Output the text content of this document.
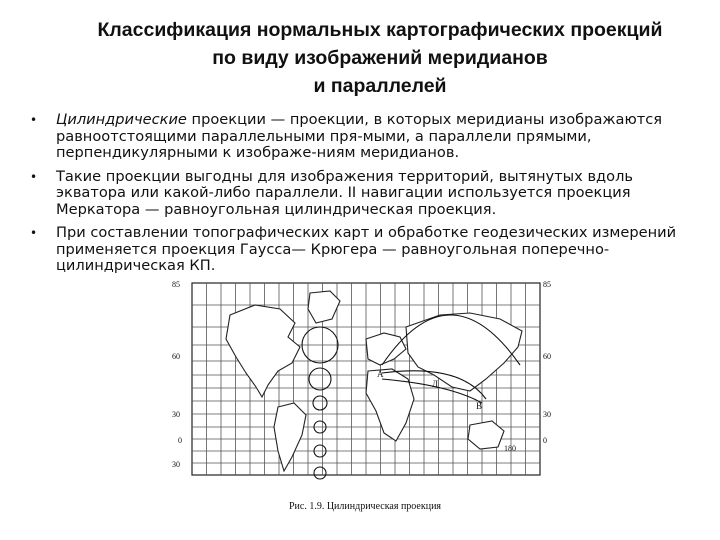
Классификация нормальных картографических проекций
по виду изображений меридианов
и параллелей
•	Цилиндрические проекции — проекции, в которых меридианы изображаются
равноотстоящими параллельными пря-мыми, а параллели прямыми,
перпендикулярными к изображе-ниям меридианов.
•	Такие проекции выгодны для изображения территорий, вытянутых вдоль
экватора или какой-либо параллели. II навигации используется проекция
Меркатора — равноугольная цилиндрическая проекция.
•	При составлении топографических карт и обработке геодезических измерений
применяется проекция Гаусса— Крюгера — равноугольная поперечно-
цилиндрическая КП.
A
Л
В
85
60
30
0
30
85
60
30
0
180
Рис. 1.9. Цилиндрическая проекция
